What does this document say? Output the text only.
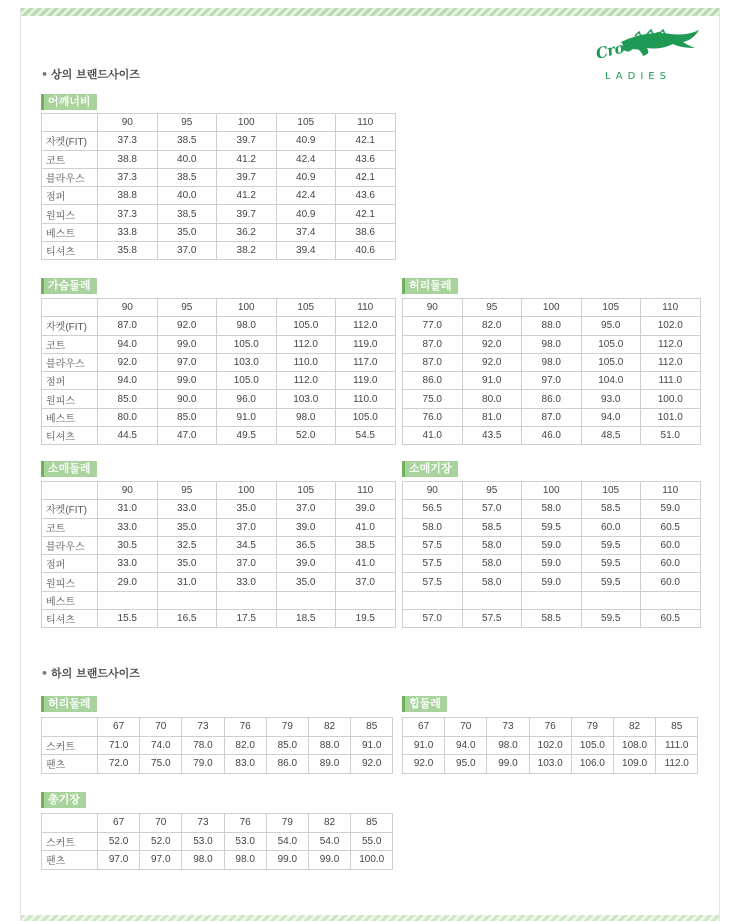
Crocodile
LADIES
• 상의 브랜드사이즈
• 하의 브랜드사이즈
어깨너비
	90	95	100	105	110
자켓(FIT)	37.3	38.5	39.7	40.9	42.1
코트	38.8	40.0	41.2	42.4	43.6
블라우스	37.3	38.5	39.7	40.9	42.1
점퍼	38.8	40.0	41.2	42.4	43.6
원피스	37.3	38.5	39.7	40.9	42.1
베스트	33.8	35.0	36.2	37.4	38.6
티셔츠	35.8	37.0	38.2	39.4	40.6
가슴둘레
	90	95	100	105	110
자켓(FIT)	87.0	92.0	98.0	105.0	112.0
코트	94.0	99.0	105.0	112.0	119.0
블라우스	92.0	97.0	103.0	110.0	117.0
점퍼	94.0	99.0	105.0	112.0	119.0
원피스	85.0	90.0	96.0	103.0	110.0
베스트	80.0	85.0	91.0	98.0	105.0
티셔츠	44.5	47.0	49.5	52.0	54.5
허리둘레
90	95	100	105	110
77.0	82.0	88.0	95.0	102.0
87.0	92.0	98.0	105.0	112.0
87.0	92.0	98.0	105.0	112.0
86.0	91.0	97.0	104.0	111.0
75.0	80.0	86.0	93.0	100.0
76.0	81.0	87.0	94.0	101.0
41.0	43.5	46.0	48.5	51.0
소매둘레
	90	95	100	105	110
자켓(FIT)	31.0	33.0	35.0	37.0	39.0
코트	33.0	35.0	37.0	39.0	41.0
블라우스	30.5	32.5	34.5	36.5	38.5
점퍼	33.0	35.0	37.0	39.0	41.0
원피스	29.0	31.0	33.0	35.0	37.0
베스트					
티셔츠	15.5	16.5	17.5	18.5	19.5
소매기장
90	95	100	105	110
56.5	57.0	58.0	58.5	59.0
58.0	58.5	59.5	60.0	60.5
57.5	58.0	59.0	59.5	60.0
57.5	58.0	59.0	59.5	60.0
57.5	58.0	59.0	59.5	60.0

57.0	57.5	58.5	59.5	60.5
허리둘레
	67	70	73	76	79	82	85
스커트	71.0	74.0	78.0	82.0	85.0	88.0	91.0
팬츠	72.0	75.0	79.0	83.0	86.0	89.0	92.0
힙둘레
67	70	73	76	79	82	85
91.0	94.0	98.0	102.0	105.0	108.0	111.0
92.0	95.0	99.0	103.0	106.0	109.0	112.0
총기장
	67	70	73	76	79	82	85
스커트	52.0	52.0	53.0	53.0	54.0	54.0	55.0
팬츠	97.0	97.0	98.0	98.0	99.0	99.0	100.0
